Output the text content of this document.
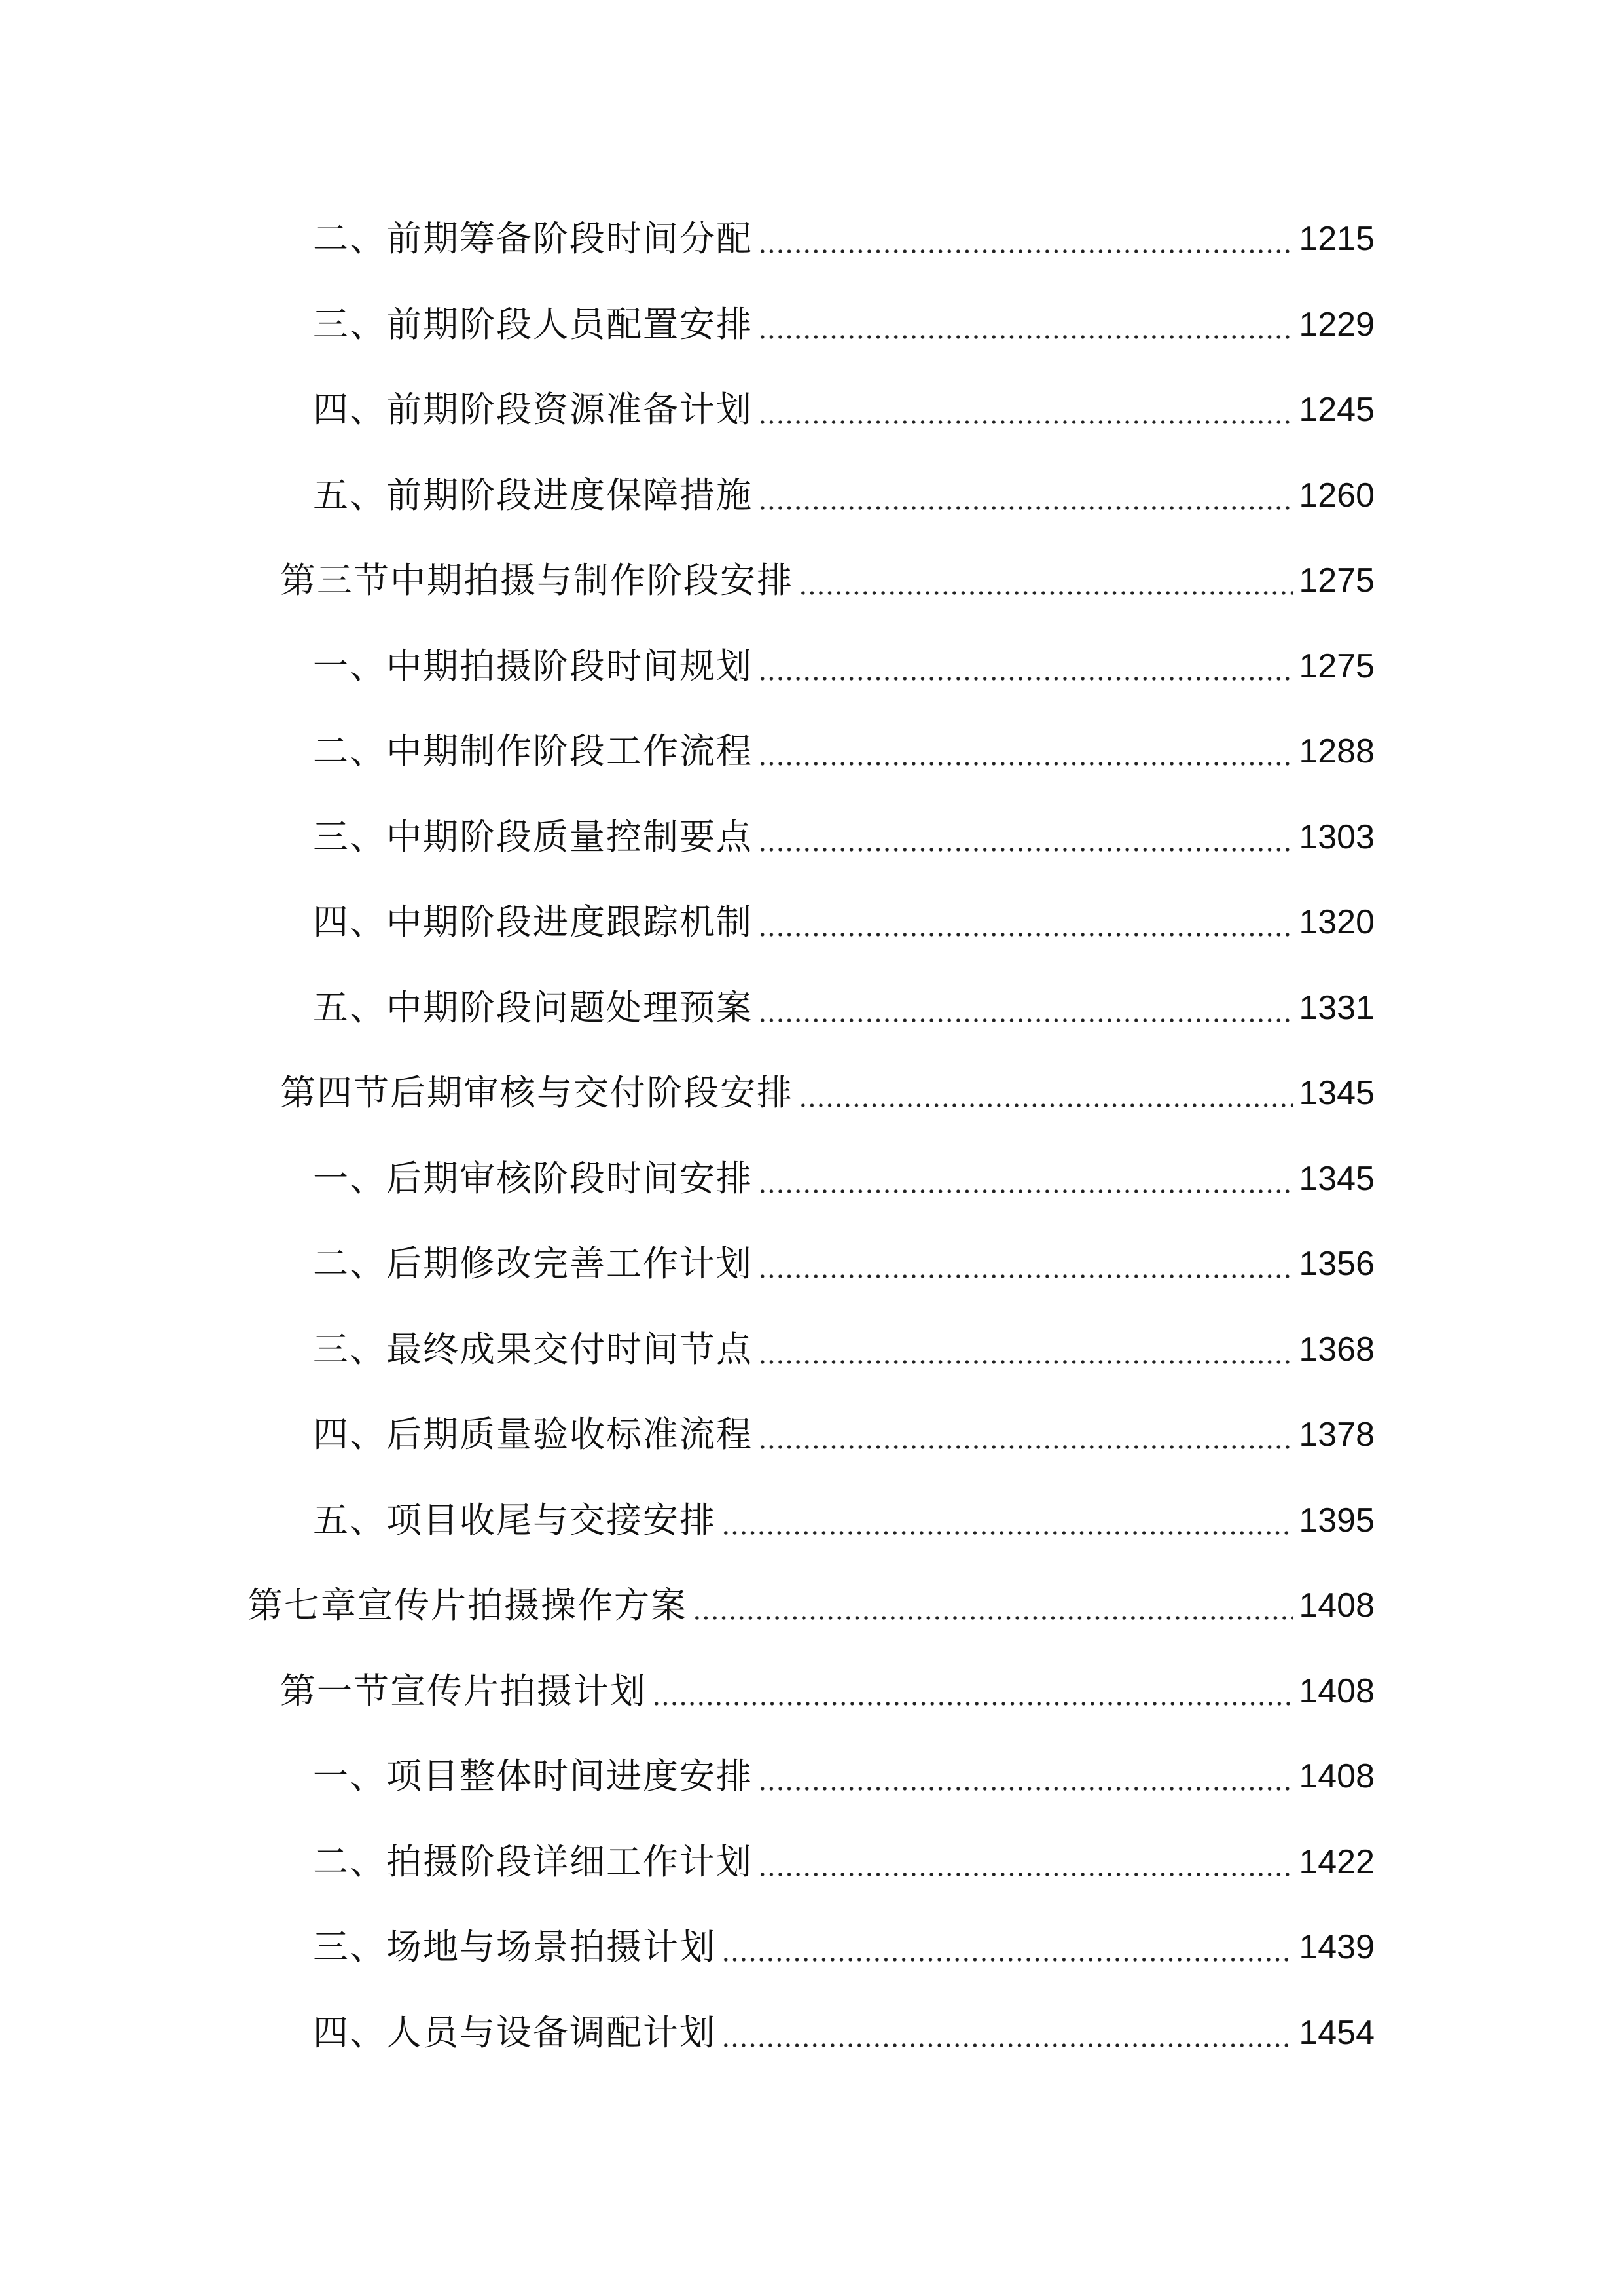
二、前期筹备阶段时间分配	1215
三、前期阶段人员配置安排	1229
四、前期阶段资源准备计划	1245
五、前期阶段进度保障措施	1260
第三节中期拍摄与制作阶段安排	1275
一、中期拍摄阶段时间规划	1275
二、中期制作阶段工作流程	1288
三、中期阶段质量控制要点	1303
四、中期阶段进度跟踪机制	1320
五、中期阶段问题处理预案	1331
第四节后期审核与交付阶段安排	1345
一、后期审核阶段时间安排	1345
二、后期修改完善工作计划	1356
三、最终成果交付时间节点	1368
四、后期质量验收标准流程	1378
五、项目收尾与交接安排	1395
第七章宣传片拍摄操作方案	1408
第一节宣传片拍摄计划	1408
一、项目整体时间进度安排	1408
二、拍摄阶段详细工作计划	1422
三、场地与场景拍摄计划	1439
四、人员与设备调配计划	1454
